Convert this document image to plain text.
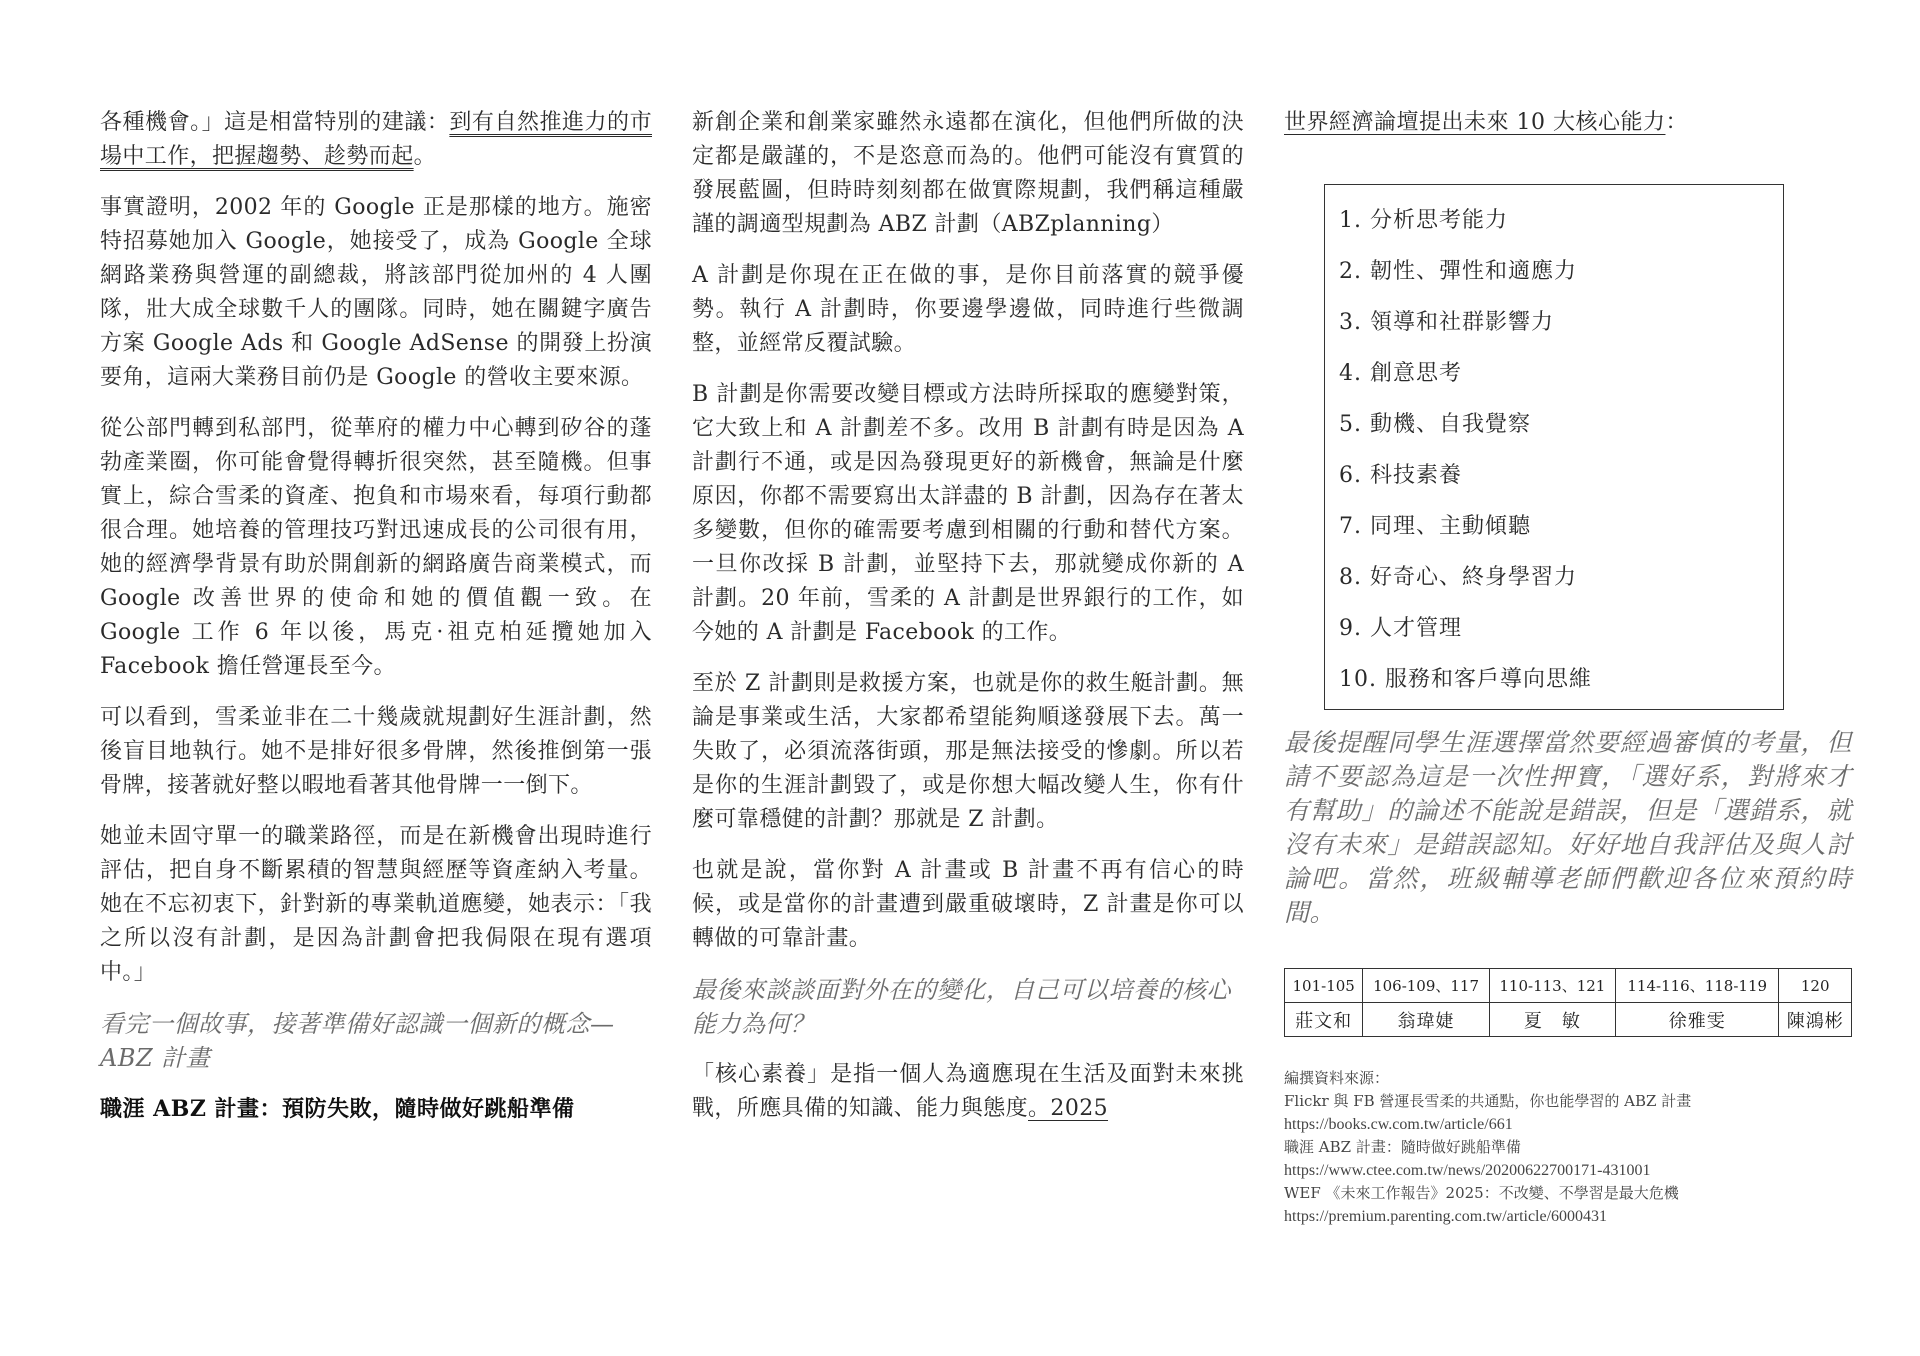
各種機會。」這是相當特別的建議：到有自然推進力的市場中工作，把握趨勢、趁勢而起。

事實證明，2002 年的 Google 正是那樣的地方。施密特招募她加入 Google，她接受了，成為 Google 全球網路業務與營運的副總裁，將該部門從加州的 4 人團隊，壯大成全球數千人的團隊。同時，她在關鍵字廣告方案 Google Ads 和 Google AdSense 的開發上扮演要角，這兩大業務目前仍是 Google 的營收主要來源。

從公部門轉到私部門，從華府的權力中心轉到矽谷的蓬勃產業圈，你可能會覺得轉折很突然，甚至隨機。但事實上，綜合雪柔的資產、抱負和市場來看，每項行動都很合理。她培養的管理技巧對迅速成長的公司很有用，她的經濟學背景有助於開創新的網路廣告商業模式，而 Google 改善世界的使命和她的價值觀一致。在 Google 工作 6 年以後，馬克·祖克柏延攬她加入 Facebook 擔任營運長至今。

可以看到，雪柔並非在二十幾歲就規劃好生涯計劃，然後盲目地執行。她不是排好很多骨牌，然後推倒第一張骨牌，接著就好整以暇地看著其他骨牌一一倒下。

她並未固守單一的職業路徑，而是在新機會出現時進行評估，把自身不斷累積的智慧與經歷等資產納入考量。她在不忘初衷下，針對新的專業軌道應變，她表示：「我之所以沒有計劃，是因為計劃會把我侷限在現有選項中。」

看完一個故事，接著準備好認識一個新的概念—ABZ 計畫

職涯 ABZ 計畫：預防失敗，隨時做好跳船準備

新創企業和創業家雖然永遠都在演化，但他們所做的決定都是嚴謹的，不是恣意而為的。他們可能沒有實質的發展藍圖，但時時刻刻都在做實際規劃，我們稱這種嚴謹的調適型規劃為 ABZ 計劃（ABZplanning）

A 計劃是你現在正在做的事，是你目前落實的競爭優勢。執行 A 計劃時，你要邊學邊做，同時進行些微調整，並經常反覆試驗。

B 計劃是你需要改變目標或方法時所採取的應變對策，它大致上和 A 計劃差不多。改用 B 計劃有時是因為 A 計劃行不通，或是因為發現更好的新機會，無論是什麼原因，你都不需要寫出太詳盡的 B 計劃，因為存在著太多變數，但你的確需要考慮到相關的行動和替代方案。一旦你改採 B 計劃，並堅持下去，那就變成你新的 A 計劃。20 年前，雪柔的 A 計劃是世界銀行的工作，如今她的 A 計劃是 Facebook 的工作。

至於 Z 計劃則是救援方案，也就是你的救生艇計劃。無論是事業或生活，大家都希望能夠順遂發展下去。萬一失敗了，必須流落街頭，那是無法接受的慘劇。所以若是你的生涯計劃毀了，或是你想大幅改變人生，你有什麼可靠穩健的計劃？那就是 Z 計劃。

也就是說，當你對 A 計畫或 B 計畫不再有信心的時候，或是當你的計畫遭到嚴重破壞時，Z 計畫是你可以轉做的可靠計畫。

最後來談談面對外在的變化，自己可以培養的核心能力為何？

「核心素養」是指一個人為適應現在生活及面對未來挑戰，所應具備的知識、能力與態度。2025

世界經濟論壇提出未來 10 大核心能力：

1. 分析思考能力
2. 韌性、彈性和適應力
3. 領導和社群影響力
4. 創意思考
5. 動機、自我覺察
6. 科技素養
7. 同理、主動傾聽
8. 好奇心、終身學習力
9. 人才管理
10. 服務和客戶導向思維

最後提醒同學生涯選擇當然要經過審慎的考量，但請不要認為這是一次性押寶，「選好系，對將來才有幫助」的論述不能說是錯誤，但是「選錯系，就沒有未來」是錯誤認知。好好地自我評估及與人討論吧。當然，班級輔導老師們歡迎各位來預約時間。

101-105	106-109、117	110-113、121	114-116、118-119	120
莊文和	翁瑋婕	夏　敏	徐雅雯	陳鴻彬
編撰資料來源：
Flickr 與 FB 營運長雪柔的共通點，你也能學習的 ABZ 計畫
https://books.cw.com.tw/article/661
職涯 ABZ 計畫：隨時做好跳船準備
https://www.ctee.com.tw/news/20200622700171-431001
WEF 《未來工作報告》2025：不改變、不學習是最大危機
https://premium.parenting.com.tw/article/6000431
